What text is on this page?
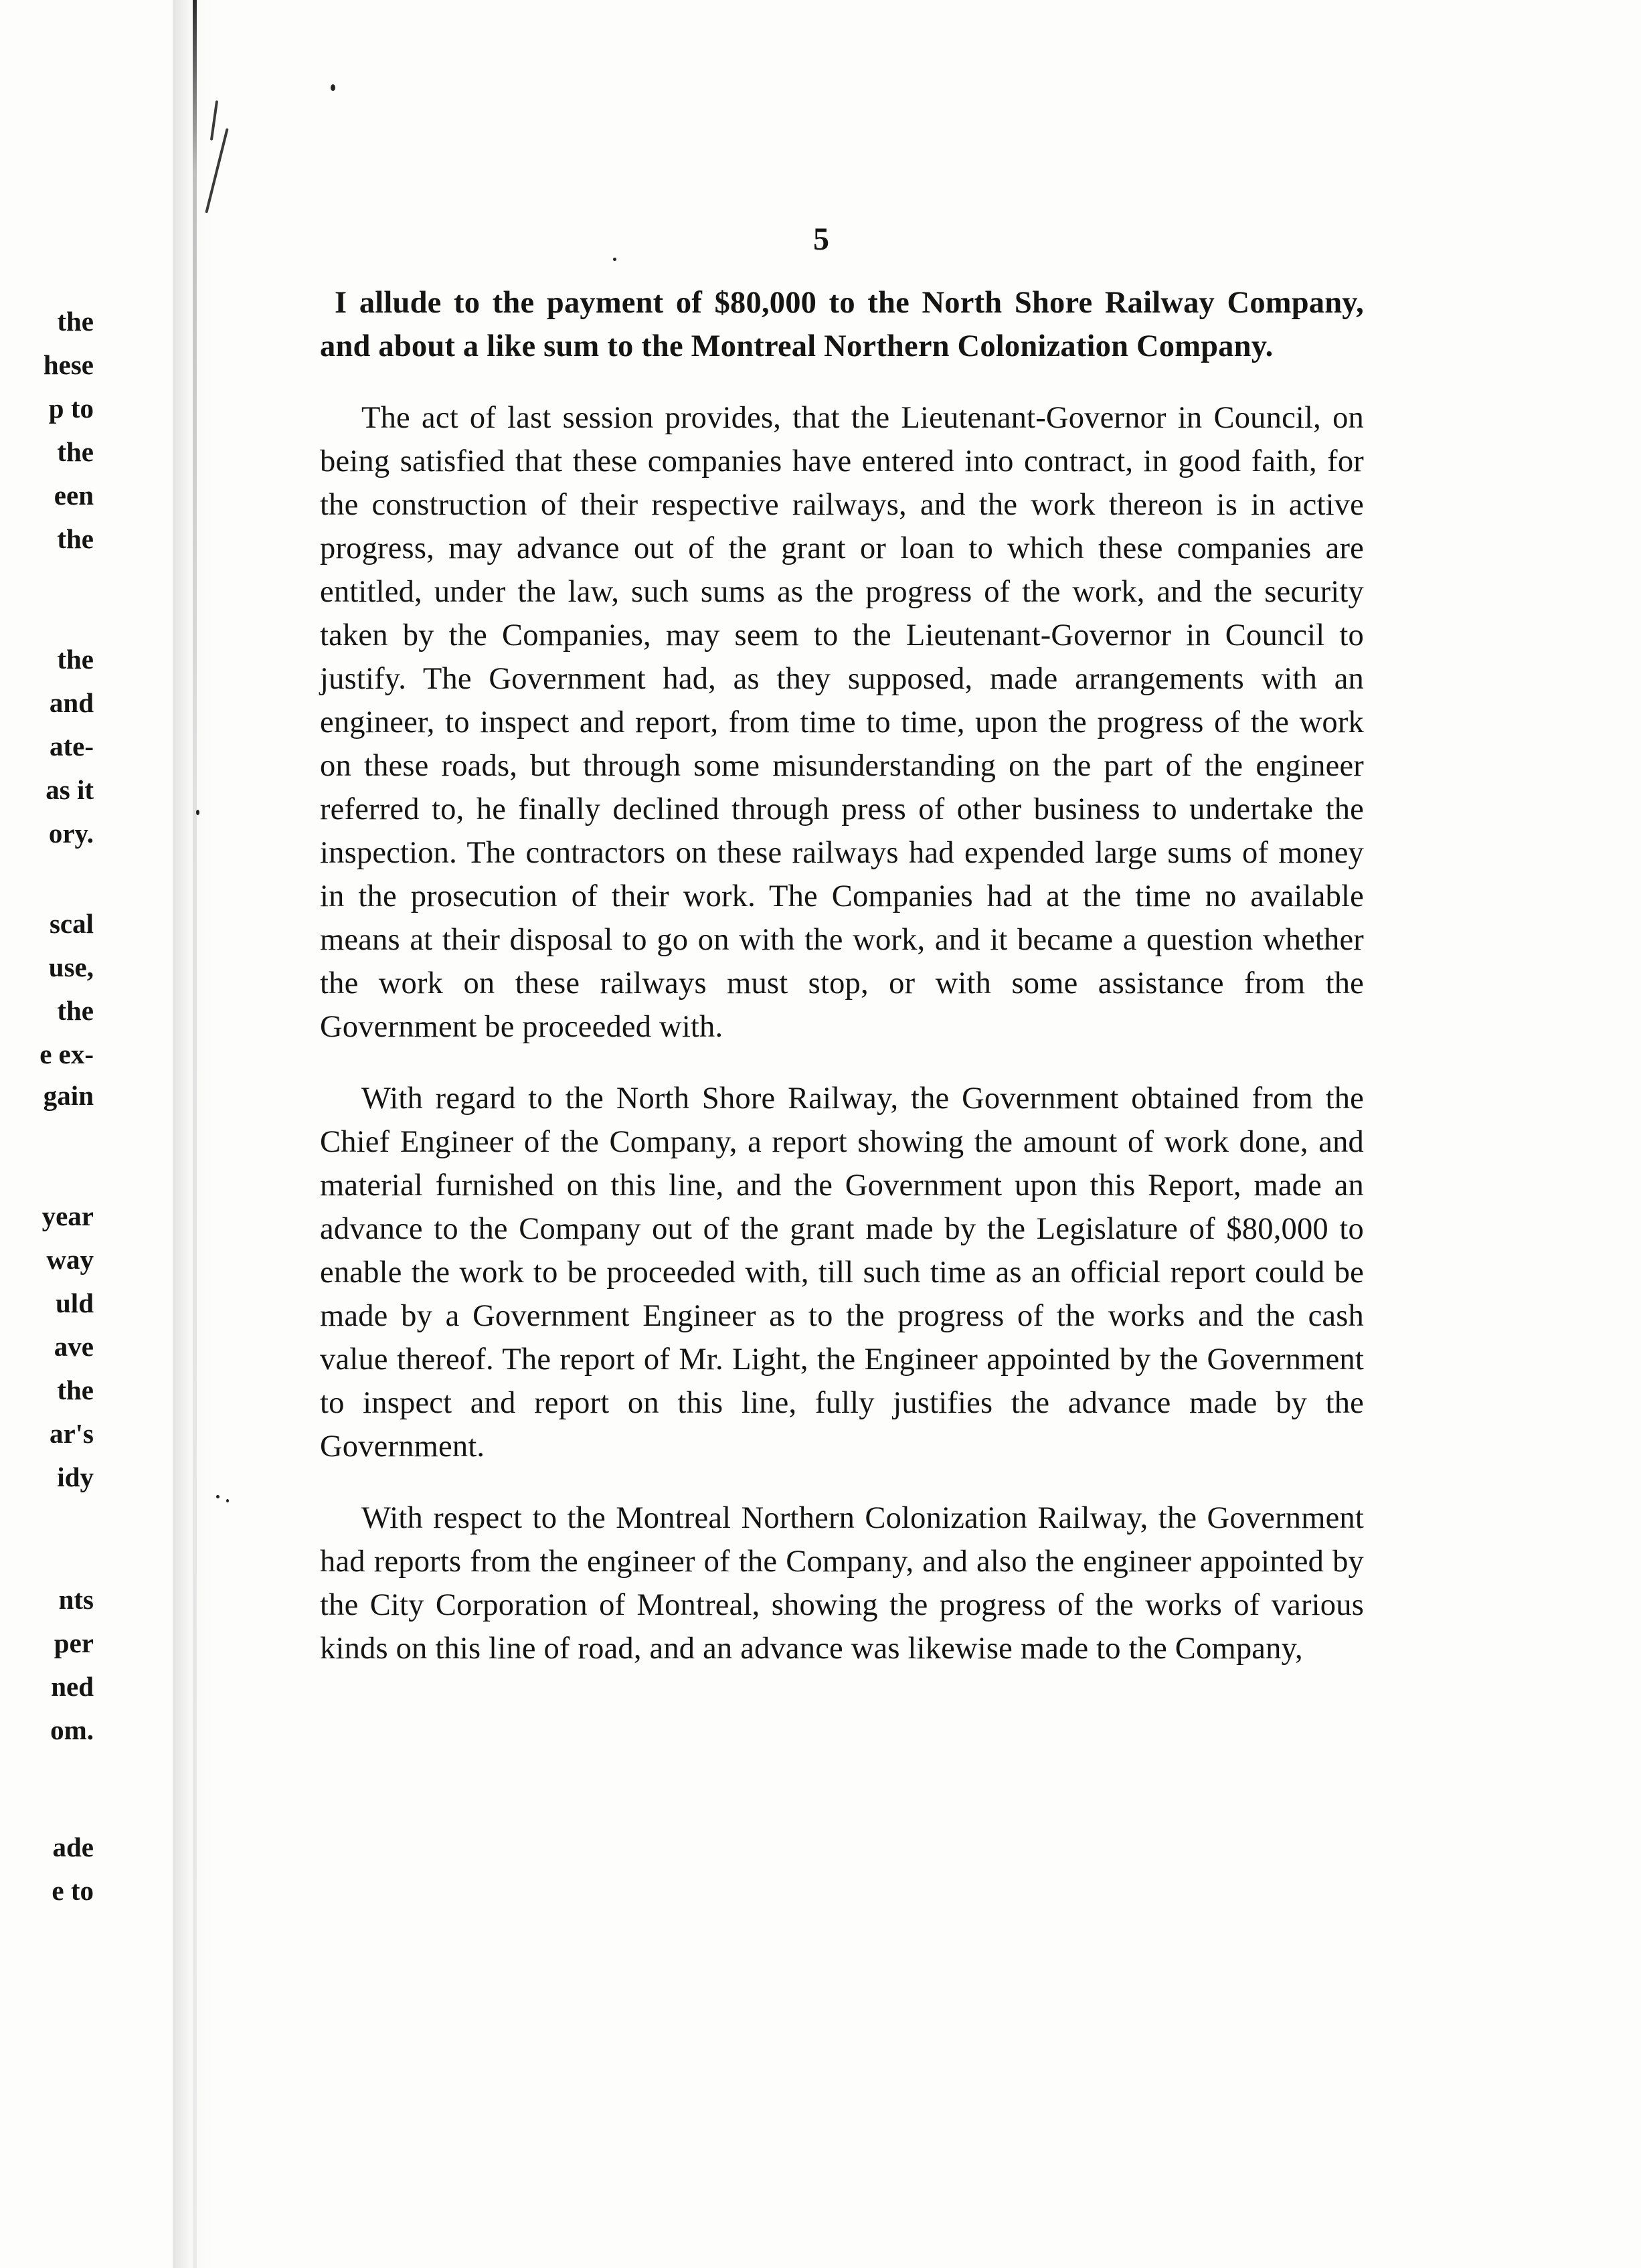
the
hese
p to
the
een
the
the
and
ate-
as it
ory.
scal
use,
the
e ex-
gain
year
way
uld
ave
the
ar's
idy
nts
per
ned
om.
ade
e to
5

I allude to the payment of $80,000 to the North Shore Railway Company, and about a like sum to the Montreal Northern Colonization Company.

The act of last session provides, that the Lieutenant-Governor in Council, on being satisfied that these companies have entered into contract, in good faith, for the construction of their respective railways, and the work thereon is in active progress, may advance out of the grant or loan to which these companies are entitled, under the law, such sums as the progress of the work, and the security taken by the Companies, may seem to the Lieutenant-Governor in Council to justify. The Government had, as they supposed, made arrangements with an engineer, to inspect and report, from time to time, upon the progress of the work on these roads, but through some misunderstanding on the part of the engineer referred to, he finally declined through press of other business to undertake the inspection. The contractors on these railways had expended large sums of money in the prosecution of their work. The Companies had at the time no available means at their disposal to go on with the work, and it became a question whether the work on these railways must stop, or with some assistance from the Government be proceeded with.

With regard to the North Shore Railway, the Government obtained from the Chief Engineer of the Company, a report showing the amount of work done, and material furnished on this line, and the Government upon this Report, made an advance to the Company out of the grant made by the Legislature of $80,000 to enable the work to be proceeded with, till such time as an official report could be made by a Government Engineer as to the progress of the works and the cash value thereof. The report of Mr. Light, the Engineer appointed by the Government to inspect and report on this line, fully justifies the advance made by the Government.

With respect to the Montreal Northern Colonization Railway, the Government had reports from the engineer of the Company, and also the engineer appointed by the City Corporation of Montreal, showing the progress of the works of various kinds on this line of road, and an advance was likewise made to the Company,
